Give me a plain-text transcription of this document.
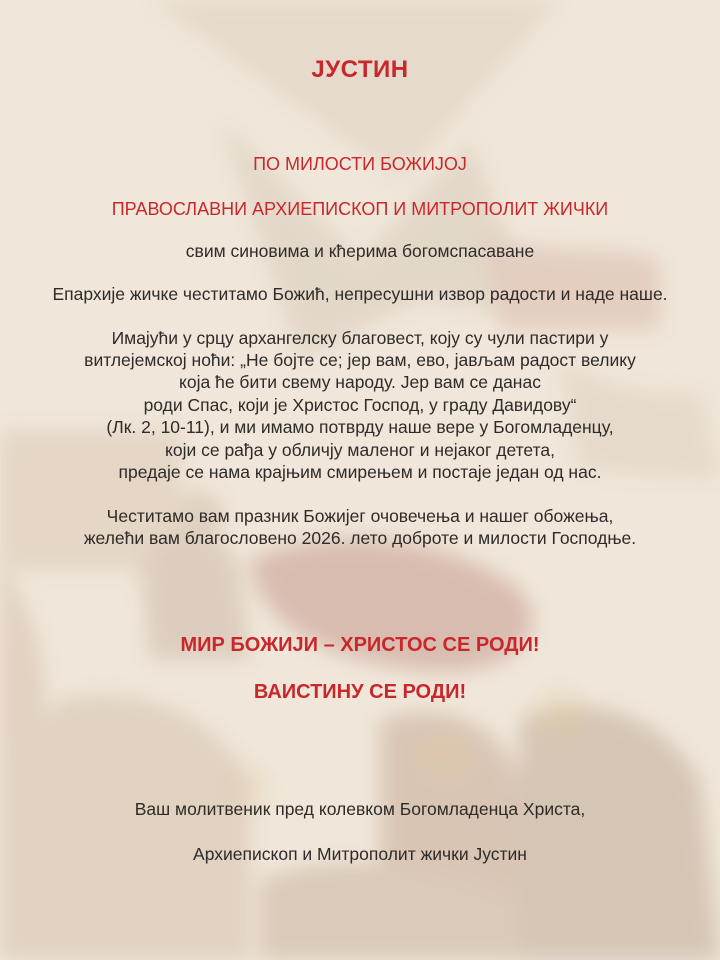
ЈУСТИН
ПО МИЛОСТИ БОЖИЈОЈ
ПРАВОСЛАВНИ АРХИЕПИСКОП И МИТРОПОЛИТ ЖИЧКИ
свим синовима и кћерима богомспасаване
Епархије жичке честитамо Божић, непресушни извор радости и наде наше.
Имајући у срцу архангелску благовест, коју су чули пастири у
витлејемској ноћи: „Не бојте се; јер вам, ево, јављам радост велику
која ће бити свему народу. Јер вам се данас
роди Спас, који је Христос Господ, у граду Давидову“
(Лк. 2, 10-11), и ми имамо потврду наше вере у Богомладенцу,
који се рађа у обличју маленог и нејаког детета,
предаје се нама крајњим смирењем и постаје један од нас.
Честитамо вам празник Божијег очовечења и нашег обожења,
желећи вам благословено 2026. лето доброте и милости Господње.
МИР БОЖИЈИ – ХРИСТОС СЕ РОДИ!
ВАИСТИНУ СЕ РОДИ!
Ваш молитвеник пред колевком Богомладенца Христа,
Архиепископ и Митрополит жички Јустин
